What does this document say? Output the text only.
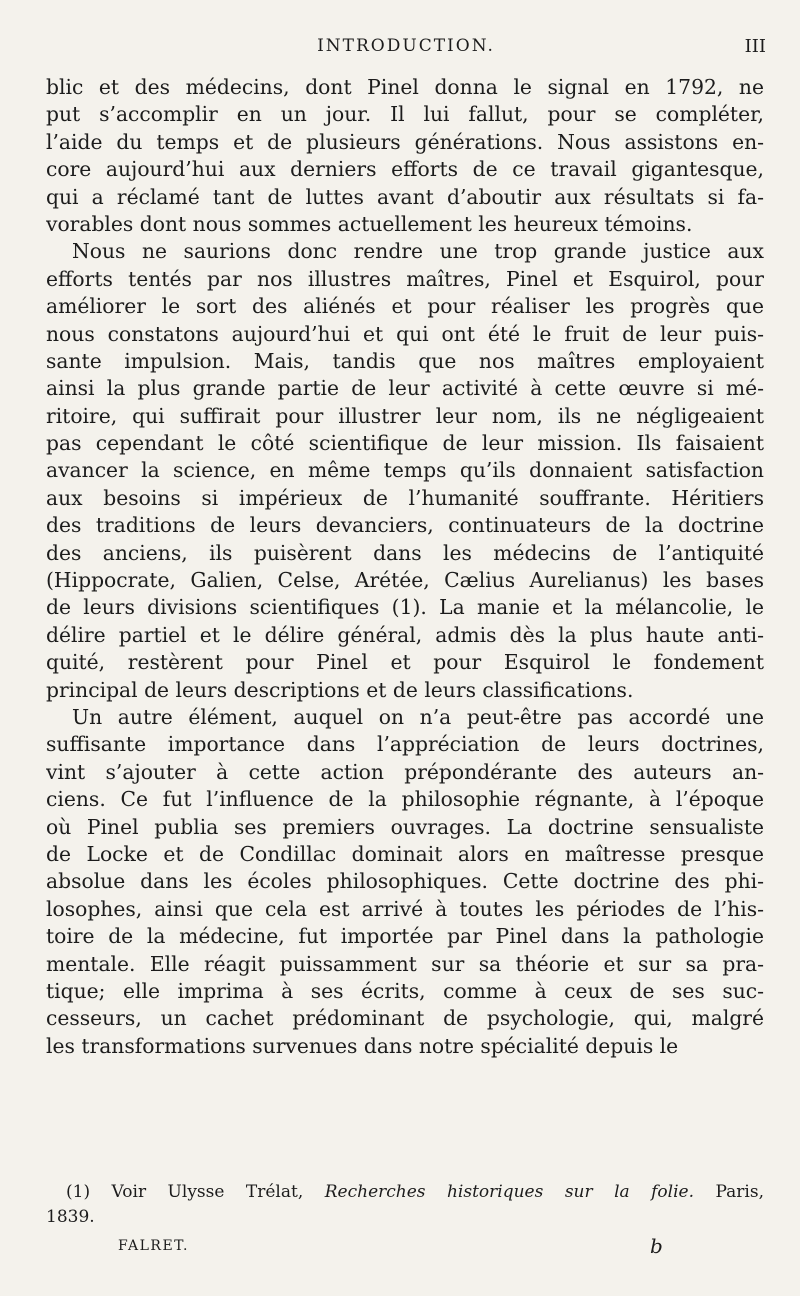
INTRODUCTION.	III
blic et des médecins, dont Pinel donna le signal en 1792, ne
put s’accomplir en un jour. Il lui fallut, pour se compléter,
l’aide du temps et de plusieurs générations. Nous assistons en-
core aujourd’hui aux derniers efforts de ce travail gigantesque,
qui a réclamé tant de luttes avant d’aboutir aux résultats si fa-
vorables dont nous sommes actuellement les heureux témoins.
Nous ne saurions donc rendre une trop grande justice aux
efforts tentés par nos illustres maîtres, Pinel et Esquirol, pour
améliorer le sort des aliénés et pour réaliser les progrès que
nous constatons aujourd’hui et qui ont été le fruit de leur puis-
sante impulsion. Mais, tandis que nos maîtres employaient
ainsi la plus grande partie de leur activité à cette œuvre si mé-
ritoire, qui suffirait pour illustrer leur nom, ils ne négligeaient
pas cependant le côté scientifique de leur mission. Ils faisaient
avancer la science, en même temps qu’ils donnaient satisfaction
aux besoins si impérieux de l’humanité souffrante. Héritiers
des traditions de leurs devanciers, continuateurs de la doctrine
des anciens, ils puisèrent dans les médecins de l’antiquité
(Hippocrate, Galien, Celse, Arétée, Cælius Aurelianus) les bases
de leurs divisions scientifiques (1). La manie et la mélancolie, le
délire partiel et le délire général, admis dès la plus haute anti-
quité, restèrent pour Pinel et pour Esquirol le fondement
principal de leurs descriptions et de leurs classifications.
Un autre élément, auquel on n’a peut-être pas accordé une
suffisante importance dans l’appréciation de leurs doctrines,
vint s’ajouter à cette action prépondérante des auteurs an-
ciens. Ce fut l’influence de la philosophie régnante, à l’époque
où Pinel publia ses premiers ouvrages. La doctrine sensualiste
de Locke et de Condillac dominait alors en maîtresse presque
absolue dans les écoles philosophiques. Cette doctrine des phi-
losophes, ainsi que cela est arrivé à toutes les périodes de l’his-
toire de la médecine, fut importée par Pinel dans la pathologie
mentale. Elle réagit puissamment sur sa théorie et sur sa pra-
tique; elle imprima à ses écrits, comme à ceux de ses suc-
cesseurs, un cachet prédominant de psychologie, qui, malgré
les transformations survenues dans notre spécialité depuis le
(1) Voir Ulysse Trélat, Recherches historiques sur la folie. Paris,
1839.
FALRET.	b
